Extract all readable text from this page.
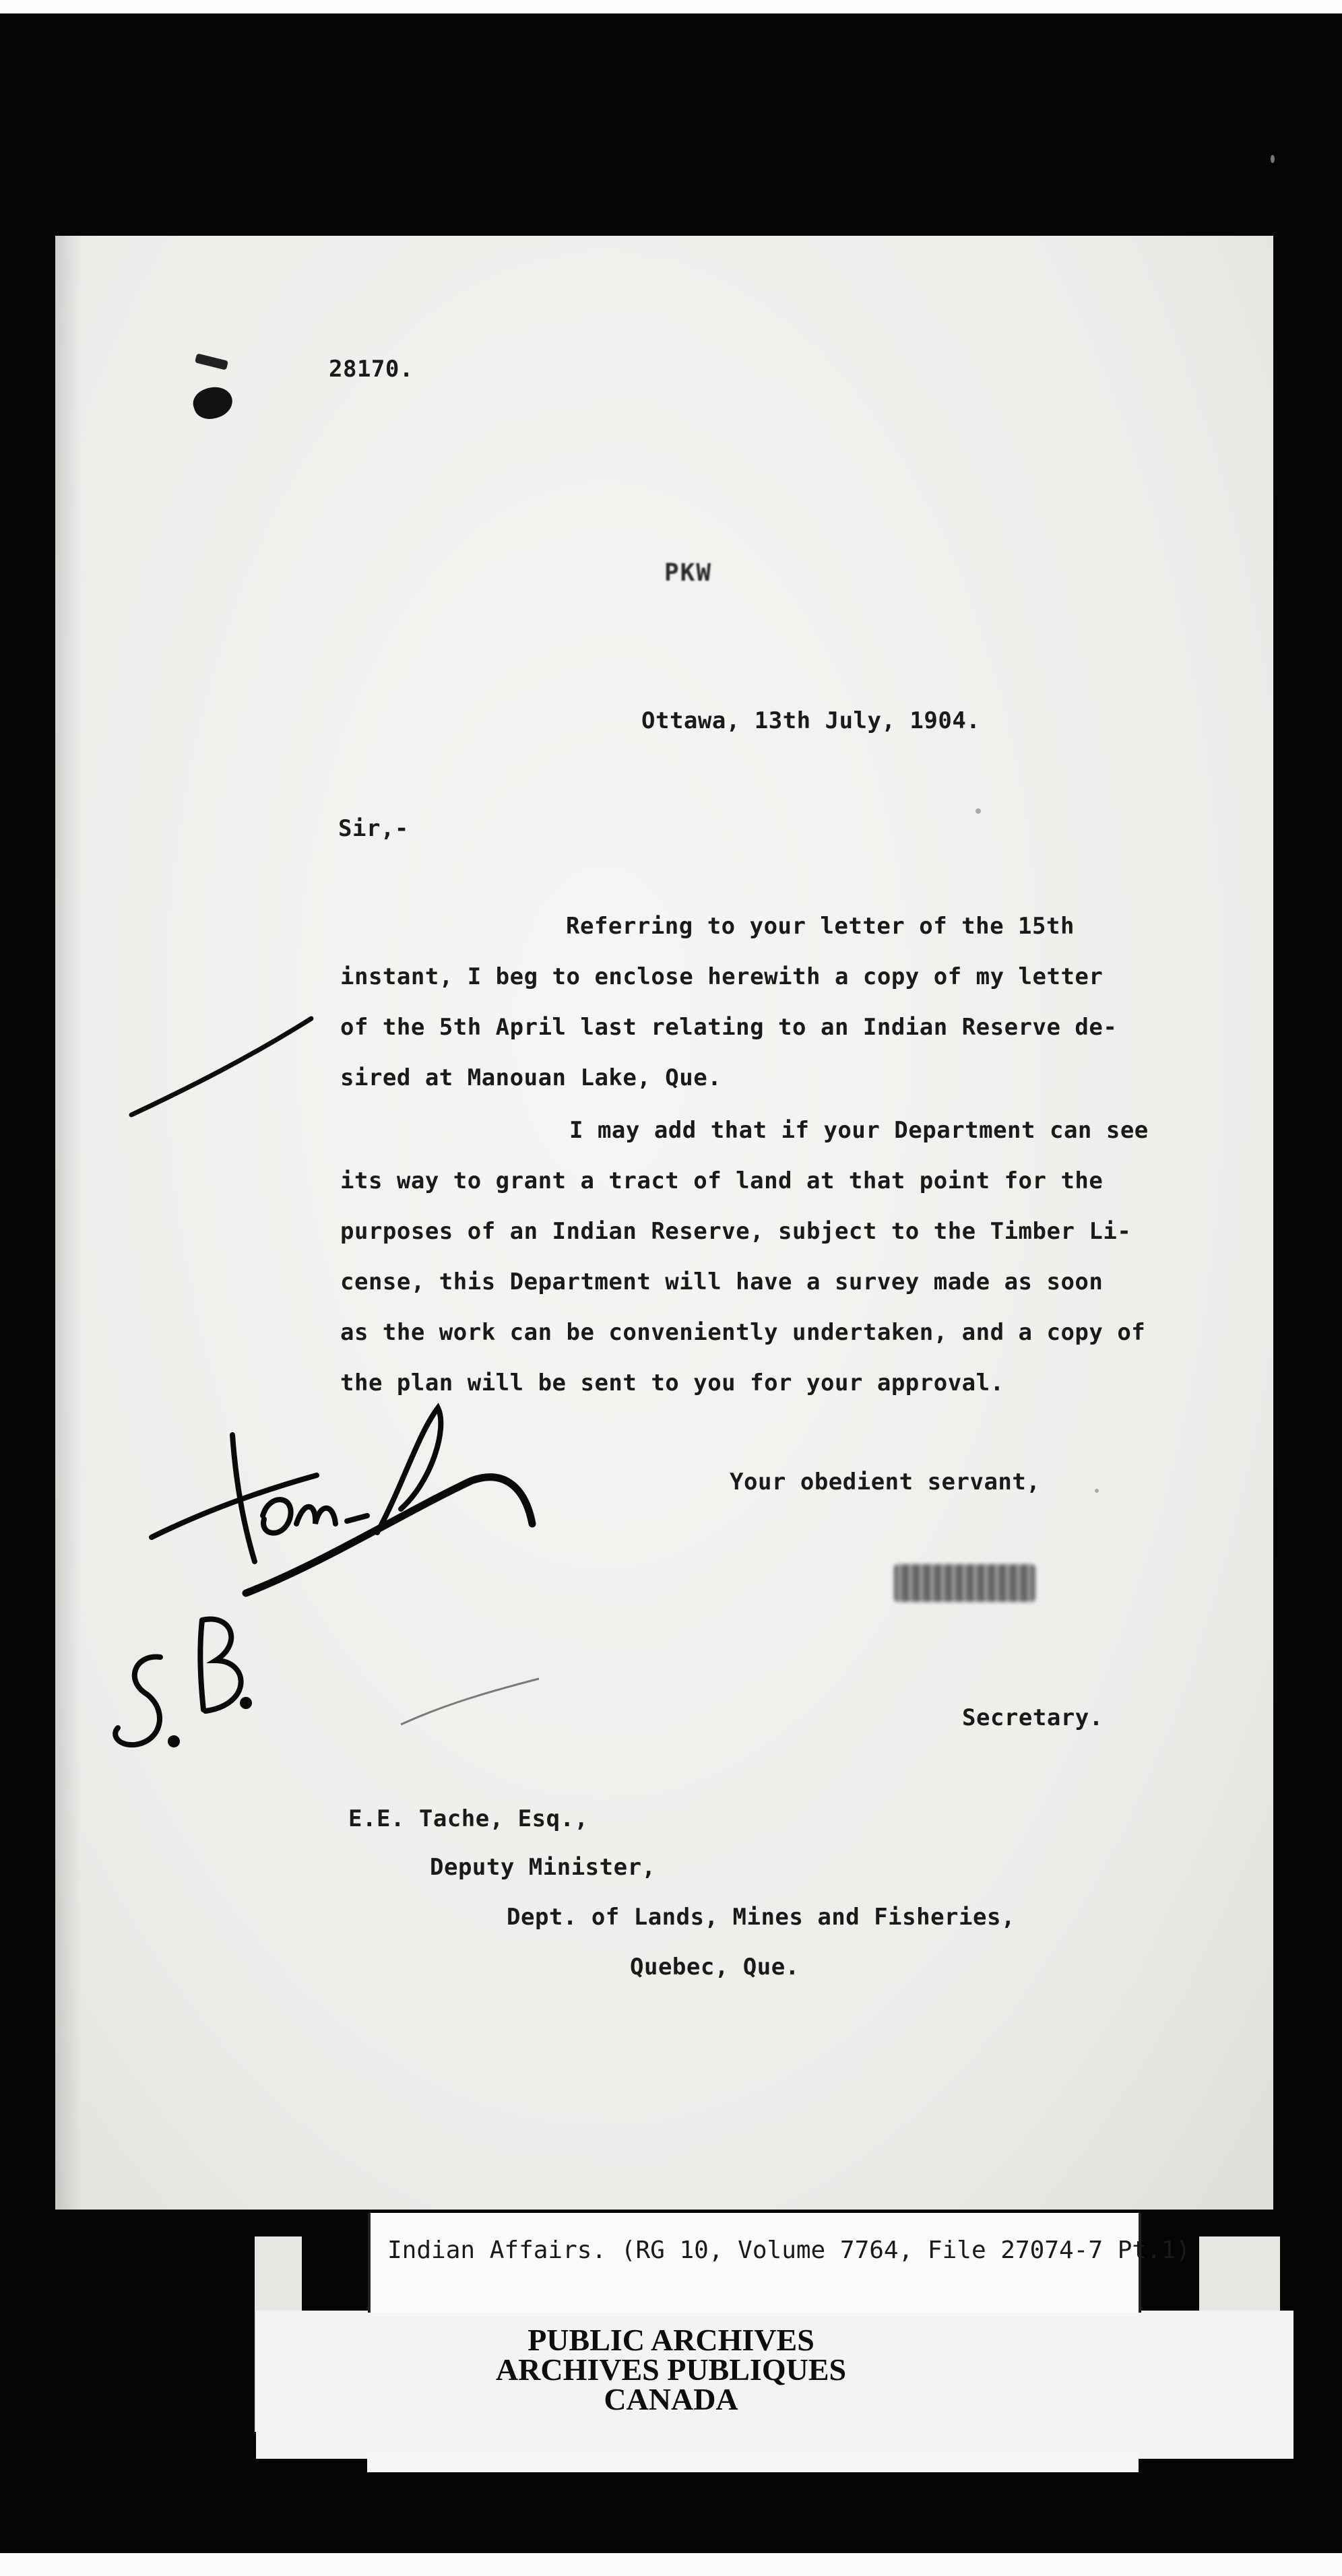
28170.
PKW
Ottawa, 13th July, 1904.
Sir,-
Referring to your letter of the 15th
instant, I beg to enclose herewith a copy of my letter
of the 5th April last relating to an Indian Reserve de-
sired at Manouan Lake, Que.
I may add that if your Department can see
its way to grant a tract of land at that point for the
purposes of an Indian Reserve, subject to the Timber Li-
cense, this Department will have a survey made as soon
as the work can be conveniently undertaken, and a copy of
the plan will be sent to you for your approval.
Your obedient servant,
Secretary.
E.E. Tache, Esq.,
Deputy Minister,
Dept. of Lands, Mines and Fisheries,
Quebec, Que.
Indian Affairs. (RG 10, Volume 7764, File 27074-7 Pt.1)
PUBLIC ARCHIVES
ARCHIVES PUBLIQUES
CANADA
